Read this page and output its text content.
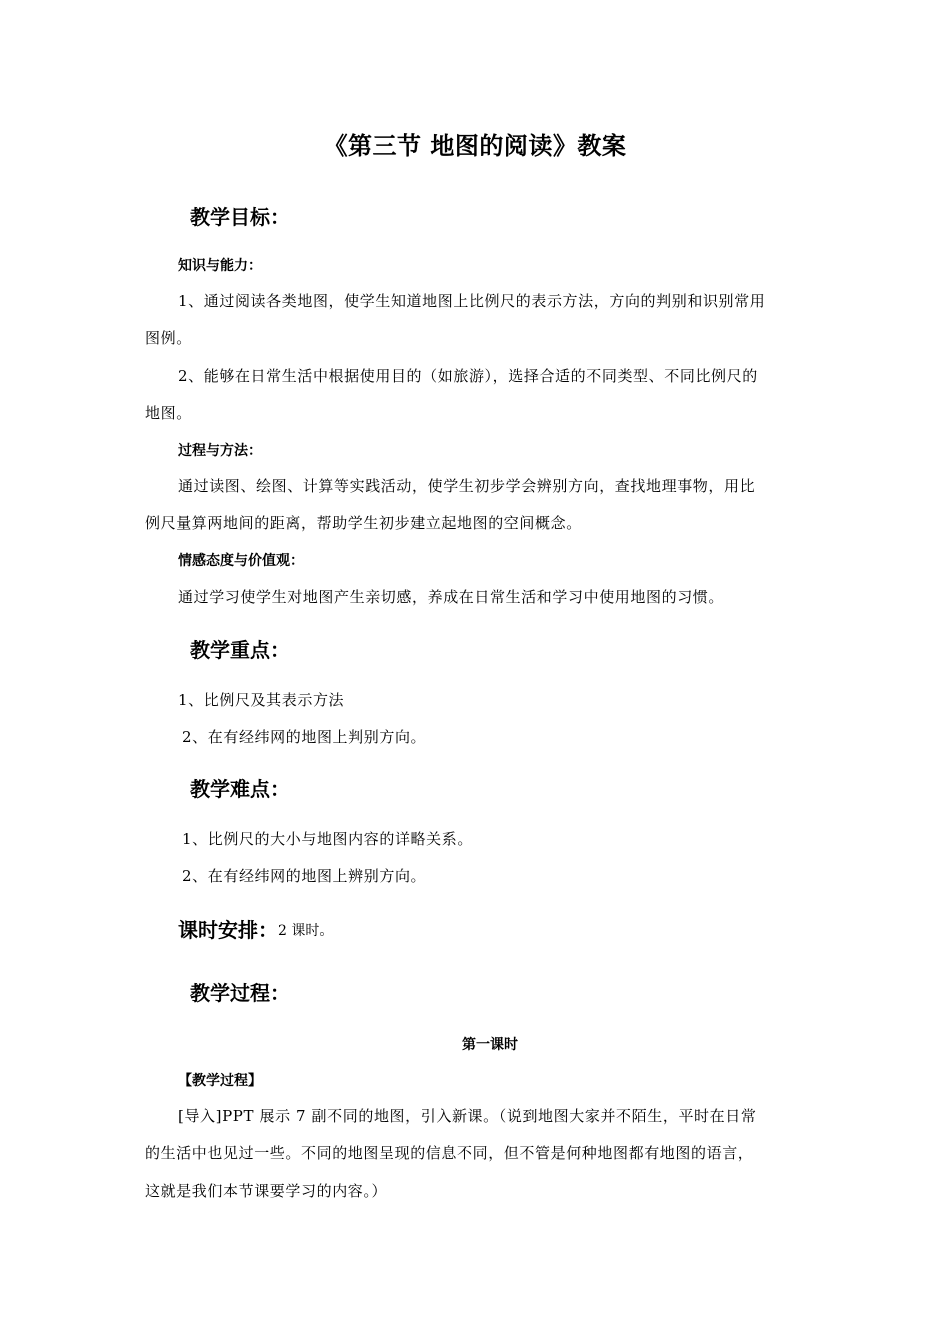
《第三节 地图的阅读》教案
教学目标：
知识与能力：
1、通过阅读各类地图，使学生知道地图上比例尺的表示方法，方向的判别和识别常用
图例。
2、能够在日常生活中根据使用目的（如旅游），选择合适的不同类型、不同比例尺的
地图。
过程与方法：
通过读图、绘图、计算等实践活动，使学生初步学会辨别方向，查找地理事物，用比
例尺量算两地间的距离，帮助学生初步建立起地图的空间概念。
情感态度与价值观：
通过学习使学生对地图产生亲切感，养成在日常生活和学习中使用地图的习惯。
教学重点：
1、比例尺及其表示方法
2、在有经纬网的地图上判别方向。
教学难点：
1、比例尺的大小与地图内容的详略关系。
2、在有经纬网的地图上辨别方向。
课时安排：2 课时。
教学过程：
第一课时
【教学过程】
[导入]PPT 展示 7 副不同的地图，引入新课。（说到地图大家并不陌生，平时在日常
的生活中也见过一些。不同的地图呈现的信息不同，但不管是何种地图都有地图的语言，
这就是我们本节课要学习的内容。）
